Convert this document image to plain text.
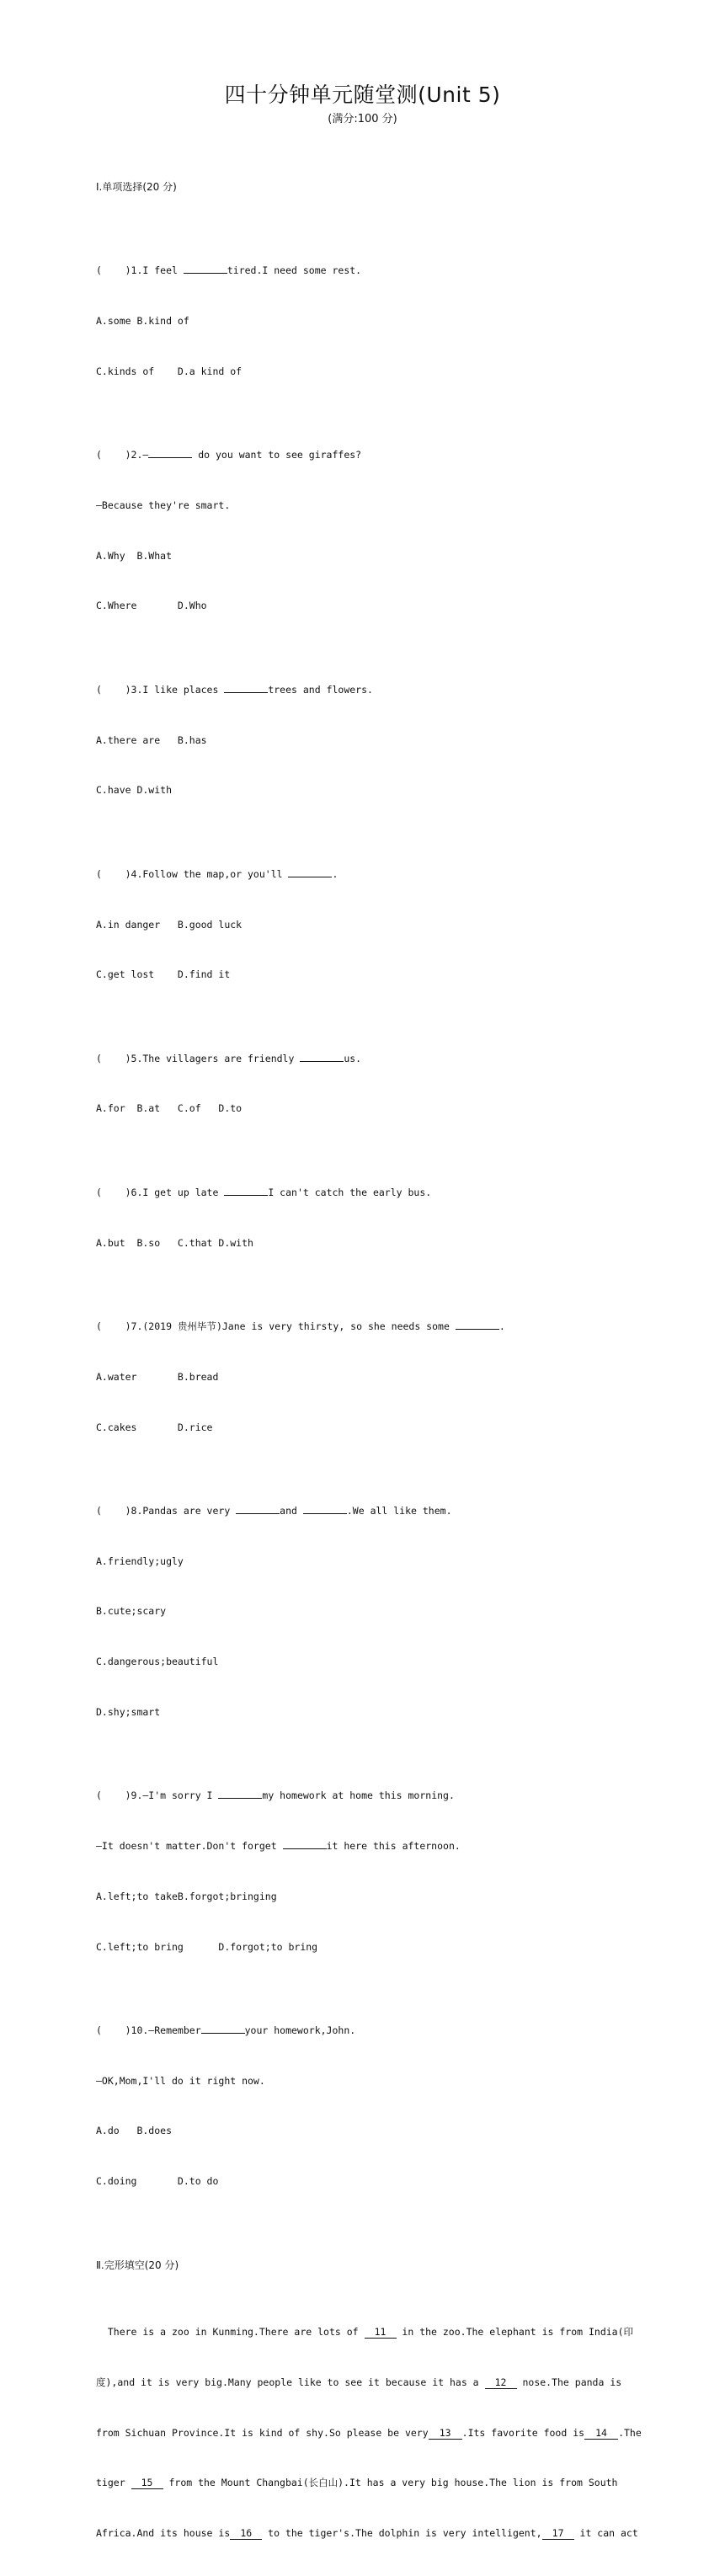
四十分钟单元随堂测(Unit 5)
(满分:100 分)

Ⅰ.单项选择(20 分)

(    )1.I feel	tired.I need some rest.

A.some B.kind of

C.kinds of    D.a kind of

(    )2.—	do you want to see giraffes?

—Because they're smart.

A.Why  B.What

C.Where       D.Who

(    )3.I like places	trees and flowers.

A.there are   B.has

C.have D.with

(    )4.Follow the map,or you'll	.

A.in danger   B.good luck

C.get lost    D.find it

(    )5.The villagers are friendly	us.

A.for  B.at   C.of   D.to

(    )6.I get up late	I can't catch the early bus.

A.but  B.so   C.that D.with

(    )7.(2019 贵州毕节)Jane is very thirsty, so she needs some	.

A.water       B.bread

C.cakes       D.rice

(    )8.Pandas are very	and	.We all like them.

A.friendly;ugly

B.cute;scary

C.dangerous;beautiful

D.shy;smart

(    )9.—I'm sorry I	my homework at home this morning.

—It doesn't matter.Don't forget	it here this afternoon.

A.left;to takeB.forgot;bringing

C.left;to bring      D.forgot;to bring

(    )10.—Remember	your homework,John.

—OK,Mom,I'll do it right now.

A.do   B.does

C.doing       D.to do

Ⅱ.完形填空(20 分)

There is a zoo in Kunming.There are lots of 11 in the zoo.The elephant is from India(印

度),and it is very big.Many people like to see it because it has a 12 nose.The panda is

from Sichuan Province.It is kind of shy.So please be very 13 .Its favorite food is 14 .The

tiger 15 from the Mount Changbai(长白山).It has a very big house.The lion is from South

Africa.And its house is 16 to the tiger's.The dolphin is very intelligent, 17 it can act
